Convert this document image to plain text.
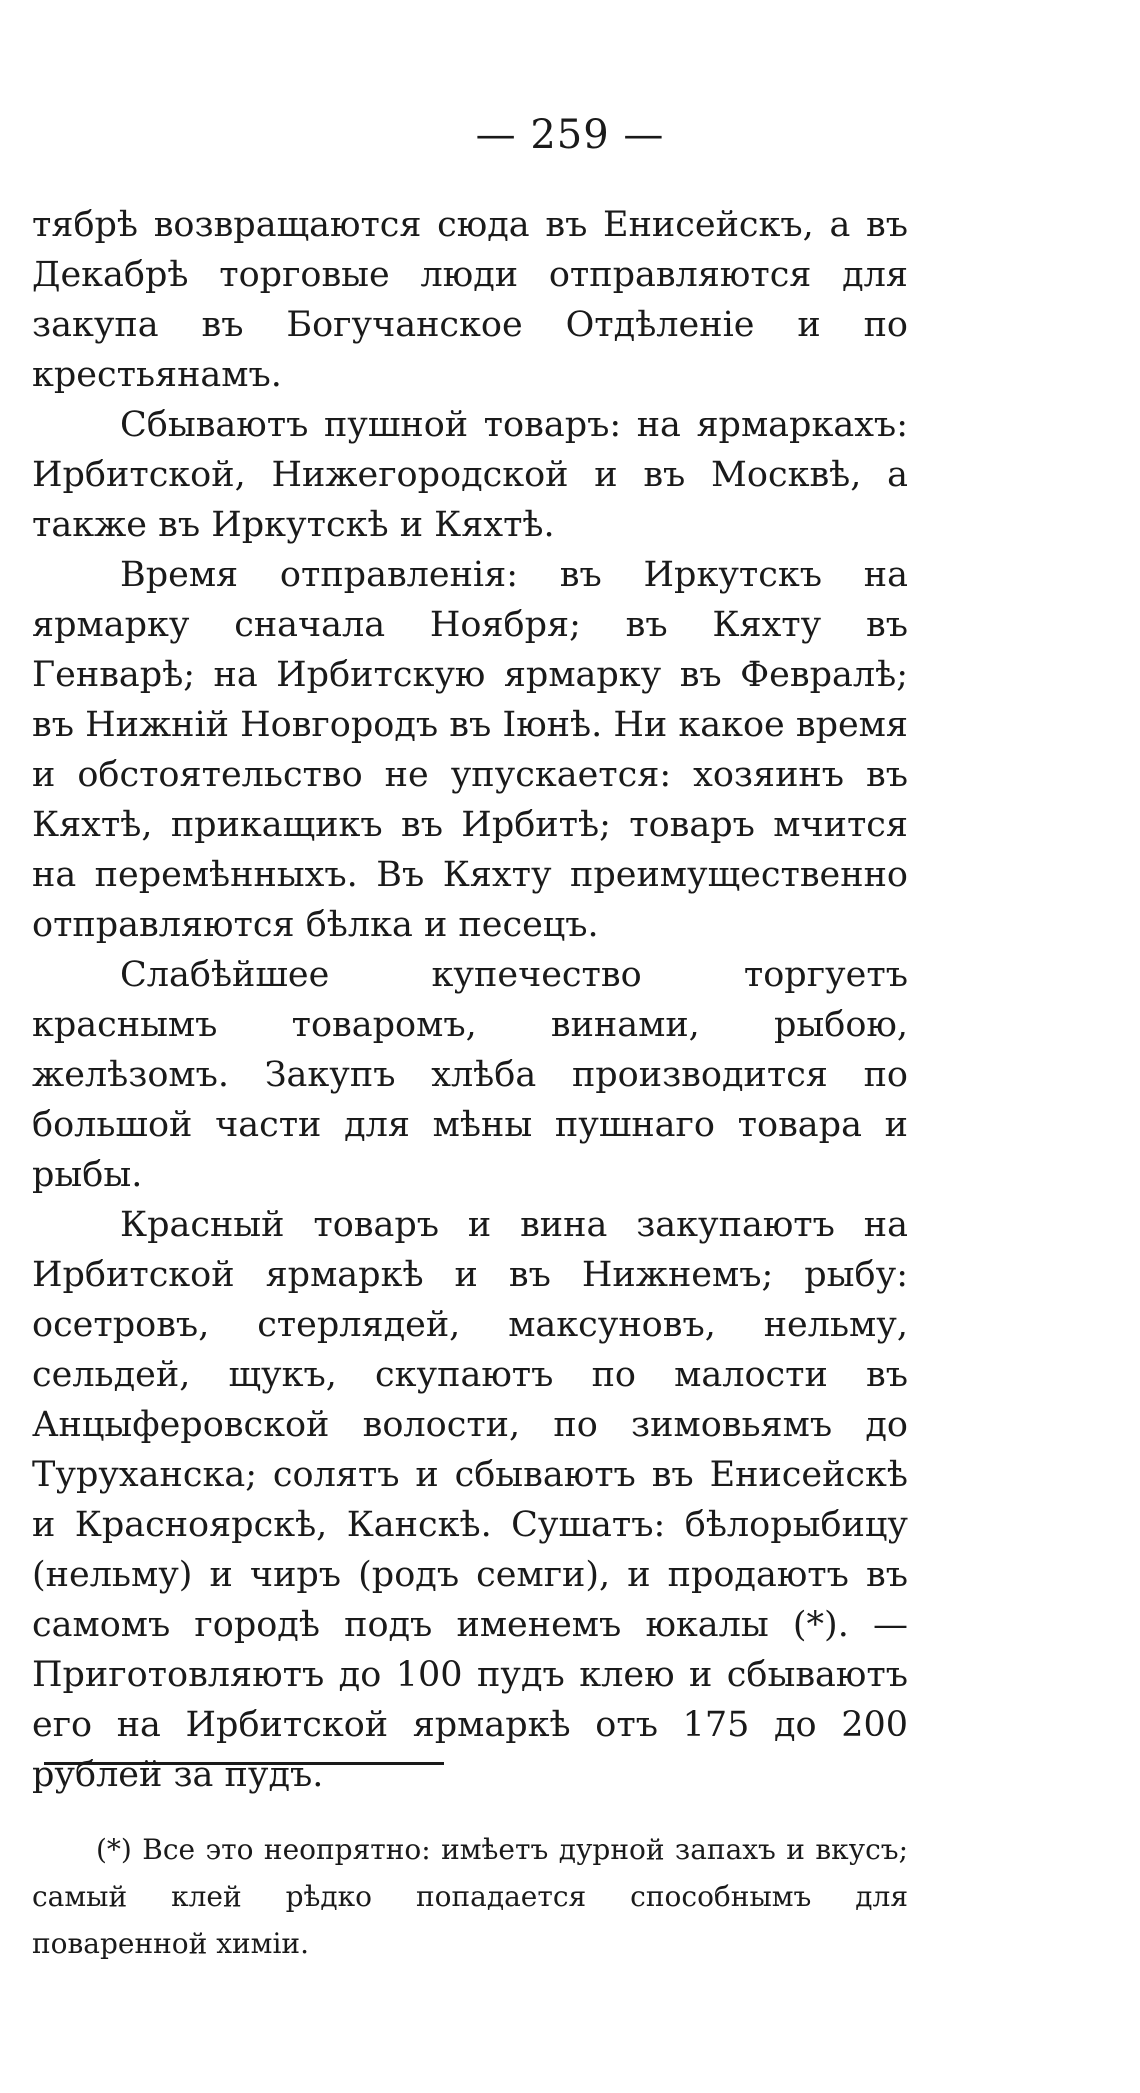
— 259 —

тябрѣ возвращаются сюда въ Енисейскъ, а въ Декабрѣ торговые люди отправляются для закупа въ Богучанское Отдѣленіе и по крестьянамъ.

Сбываютъ пушной товаръ: на ярмаркахъ: Ирбитской, Нижегородской и въ Москвѣ, а также въ Иркутскѣ и Кяхтѣ.

Время отправленія: въ Иркутскъ на ярмарку сначала Ноября; въ Кяхту въ Генварѣ; на Ирбитскую ярмарку въ Февралѣ; въ Нижній Новгородъ въ Іюнѣ. Ни какое время и обстоятельство не упускается: хозяинъ въ Кяхтѣ, прикащикъ въ Ирбитѣ; товаръ мчится на перемѣнныхъ. Въ Кяхту преимущественно отправляются бѣлка и песецъ.

Слабѣйшее купечество торгуетъ краснымъ товаромъ, винами, рыбою, желѣзомъ. Закупъ хлѣба производится по большой части для мѣны пушнаго товара и рыбы.

Красный товаръ и вина закупаютъ на Ирбитской ярмаркѣ и въ Нижнемъ; рыбу: осетровъ, стерлядей, максуновъ, нельму, сельдей, щукъ, скупаютъ по малости въ Анцыферовской волости, по зимовьямъ до Туруханска; солятъ и сбываютъ въ Енисейскѣ и Красноярскѣ, Канскѣ. Сушатъ: бѣлорыбицу (нельму) и чиръ (родъ семги), и продаютъ въ самомъ городѣ подъ именемъ юкалы (*). — Приготовляютъ до 100 пудъ клею и сбываютъ его на Ирбитской ярмаркѣ отъ 175 до 200 рублей за пудъ.

(*) Все это неопрятно: имѣетъ дурной запахъ и вкусъ; самый клей рѣдко попадается способнымъ для поваренной химіи.
